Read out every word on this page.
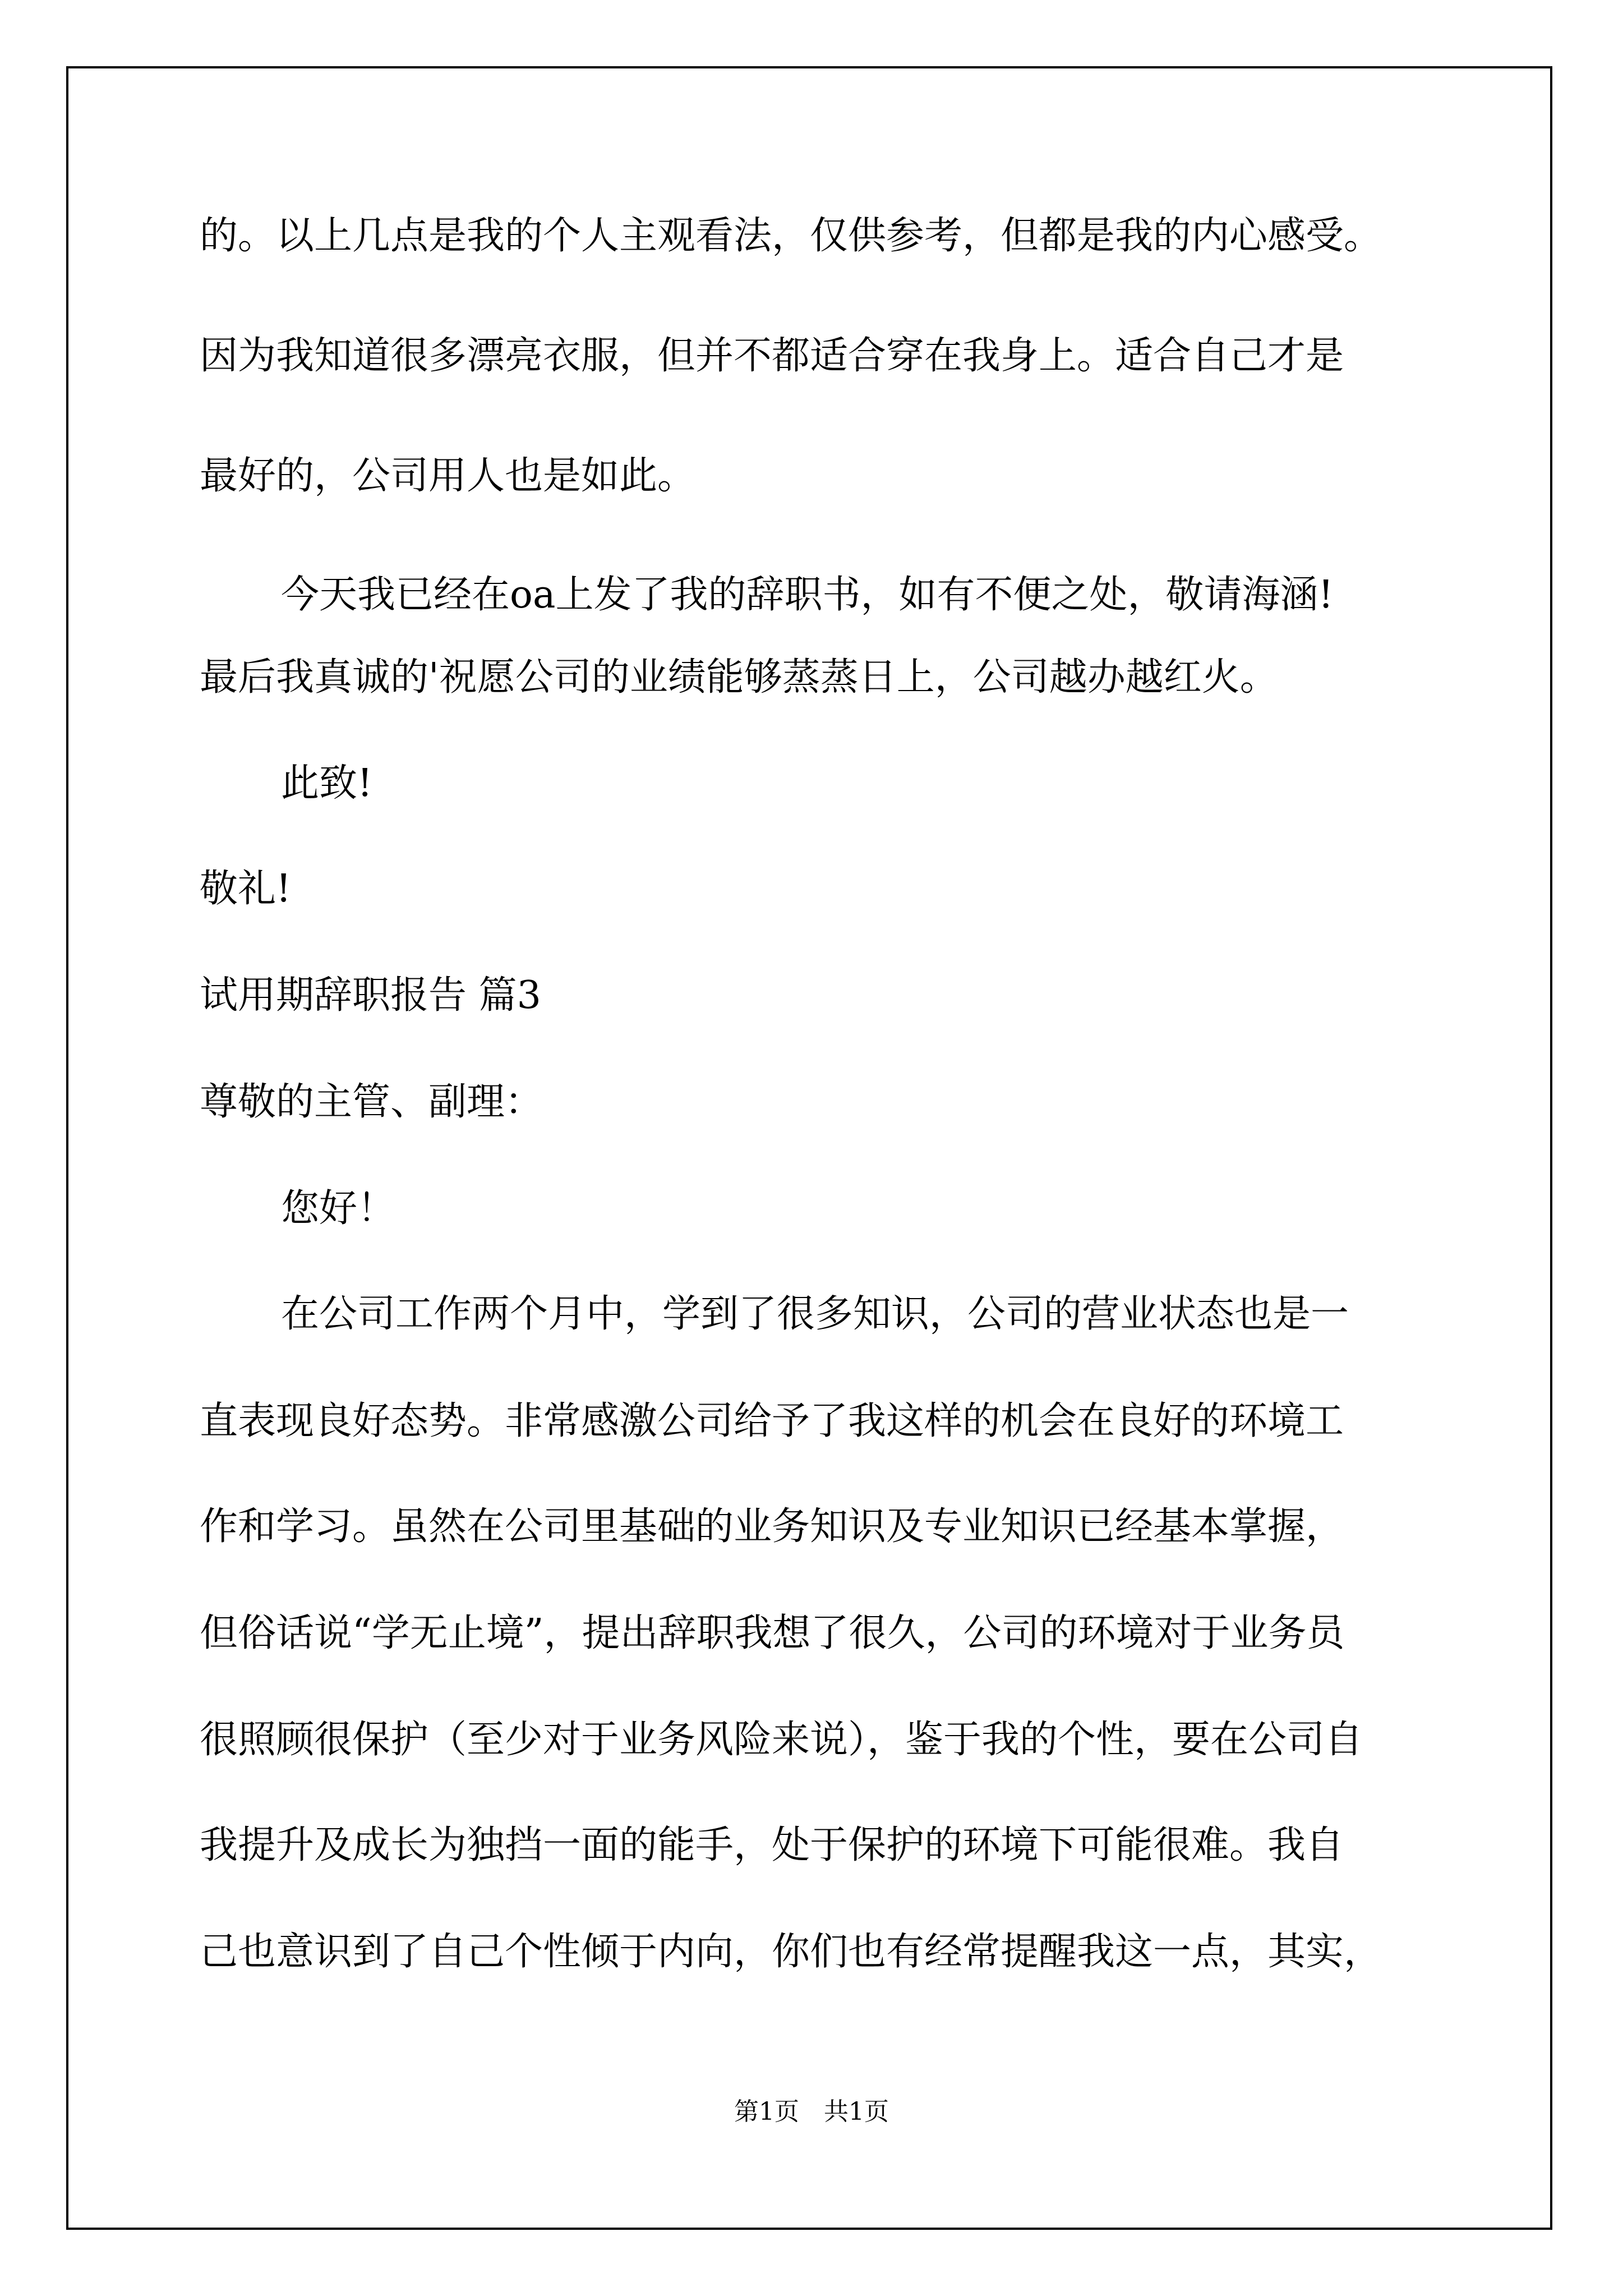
的。以上几点是我的个人主观看法，仅供参考，但都是我的内心感受。
因为我知道很多漂亮衣服，但并不都适合穿在我身上。适合自己才是
最好的，公司用人也是如此。
今天我已经在oa上发了我的辞职书，如有不便之处，敬请海涵!
最后我真诚的'祝愿公司的业绩能够蒸蒸日上，公司越办越红火。
此致!
敬礼!
试用期辞职报告 篇3
尊敬的主管、副理：
您好！
在公司工作两个月中，学到了很多知识，公司的营业状态也是一
直表现良好态势。非常感激公司给予了我这样的机会在良好的环境工
作和学习。虽然在公司里基础的业务知识及专业知识已经基本掌握，
但俗话说“学无止境”，提出辞职我想了很久，公司的环境对于业务员
很照顾很保护（至少对于业务风险来说），鉴于我的个性，要在公司自
我提升及成长为独挡一面的能手，处于保护的环境下可能很难。我自
己也意识到了自己个性倾于内向，你们也有经常提醒我这一点，其实，
第1页　共1页
